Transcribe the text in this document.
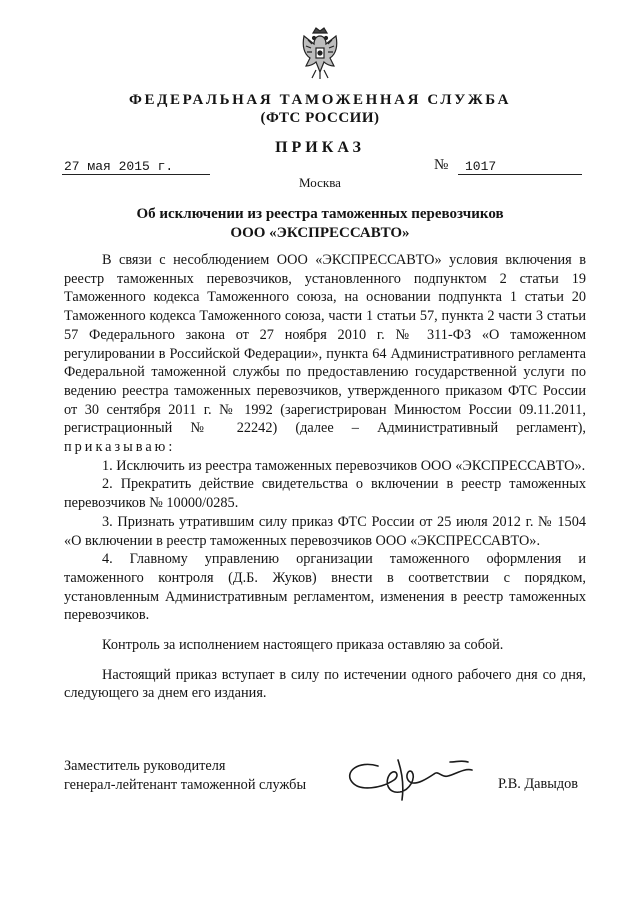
ФЕДЕРАЛЬНАЯ ТАМОЖЕННАЯ СЛУЖБА
(ФТС РОССИИ)
ПРИКАЗ
27 мая 2015 г.	№ 1017
Москва
Об исключении из реестра таможенных перевозчиков
ООО «ЭКСПРЕССАВТО»

В связи с несоблюдением ООО «ЭКСПРЕССАВТО» условия включения в реестр таможенных перевозчиков, установленного подпунктом 2 статьи 19 Таможенного кодекса Таможенного союза, на основании подпункта 1 статьи 20 Таможенного кодекса Таможенного союза, части 1 статьи 57, пункта 2 части 3 статьи 57 Федерального закона от 27 ноября 2010 г. № 311-ФЗ «О таможенном регулировании в Российской Федерации», пункта 64 Административного регламента Федеральной таможенной службы по предоставлению государственной услуги по ведению реестра таможенных перевозчиков, утвержденного приказом ФТС России от 30 сентября 2011 г. № 1992 (зарегистрирован Минюстом России 09.11.2011, регистрационный № 22242) (далее – Административный регламент), приказываю:

1. Исключить из реестра таможенных перевозчиков ООО «ЭКСПРЕССАВТО».

2. Прекратить действие свидетельства о включении в реестр таможенных перевозчиков № 10000/0285.

3. Признать утратившим силу приказ ФТС России от 25 июля 2012 г. № 1504 «О включении в реестр таможенных перевозчиков ООО «ЭКСПРЕССАВТО».

4. Главному управлению организации таможенного оформления и таможенного контроля (Д.Б. Жуков) внести в соответствии с порядком, установленным Административным регламентом, изменения в реестр таможенных перевозчиков.

Контроль за исполнением настоящего приказа оставляю за собой.

Настоящий приказ вступает в силу по истечении одного рабочего дня со дня, следующего за днем его издания.

Заместитель руководителя
генерал-лейтенант таможенной службы	Р.В. Давыдов
